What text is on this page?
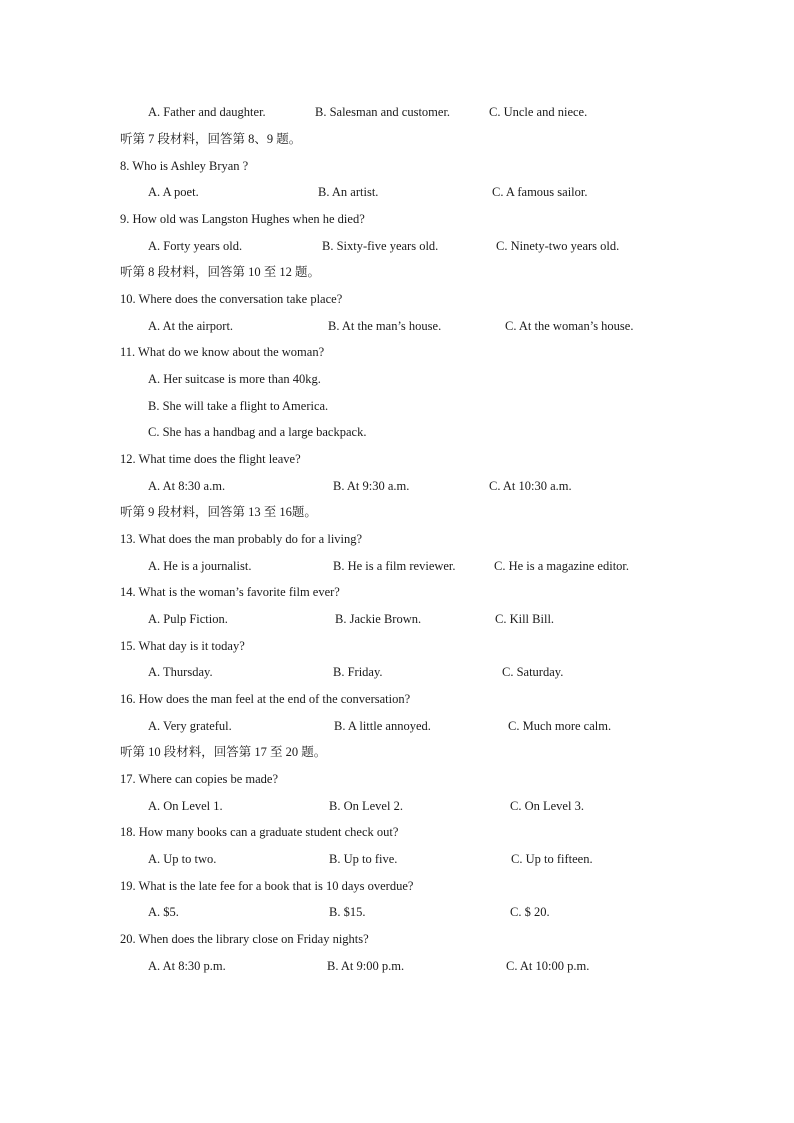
A. Father and daughter.	B. Salesman and customer.	C. Uncle and niece.
听第 7 段材料，回答第 8、9 题。
8. Who is Ashley Bryan ?
A. A poet.	B. An artist.	C. A famous sailor.
9. How old was Langston Hughes when he died?
A. Forty years old.	B. Sixty-five years old.	C. Ninety-two years old.
听第 8 段材料，回答第 10 至 12 题。
10. Where does the conversation take place?
A. At the airport.	B. At the man’s house.	C. At the woman’s house.
11. What do we know about the woman?
A. Her suitcase is more than 40kg.
B. She will take a flight to America.
C. She has a handbag and a large backpack.
12. What time does the flight leave?
A. At 8:30 a.m.	B. At 9:30 a.m.	C. At 10:30 a.m.
听第 9 段材料，回答第 13 至 16题。
13. What does the man probably do for a living?
A. He is a journalist.	B. He is a film reviewer.	C. He is a magazine editor.
14. What is the woman’s favorite film ever?
A. Pulp Fiction.	B. Jackie Brown.	C. Kill Bill.
15. What day is it today?
A. Thursday.	B. Friday.	C. Saturday.
16. How does the man feel at the end of the conversation?
A. Very grateful.	B. A little annoyed.	C. Much more calm.
听第 10 段材料，回答第 17 至 20 题。
17. Where can copies be made?
A. On Level 1.	B. On Level 2.	C. On Level 3.
18. How many books can a graduate student check out?
A. Up to two.	B. Up to five.	C. Up to fifteen.
19. What is the late fee for a book that is 10 days overdue?
A. $5.	B. $15.	C. $ 20.
20. When does the library close on Friday nights?
A. At 8:30 p.m.	B. At 9:00 p.m.	C. At 10:00 p.m.
